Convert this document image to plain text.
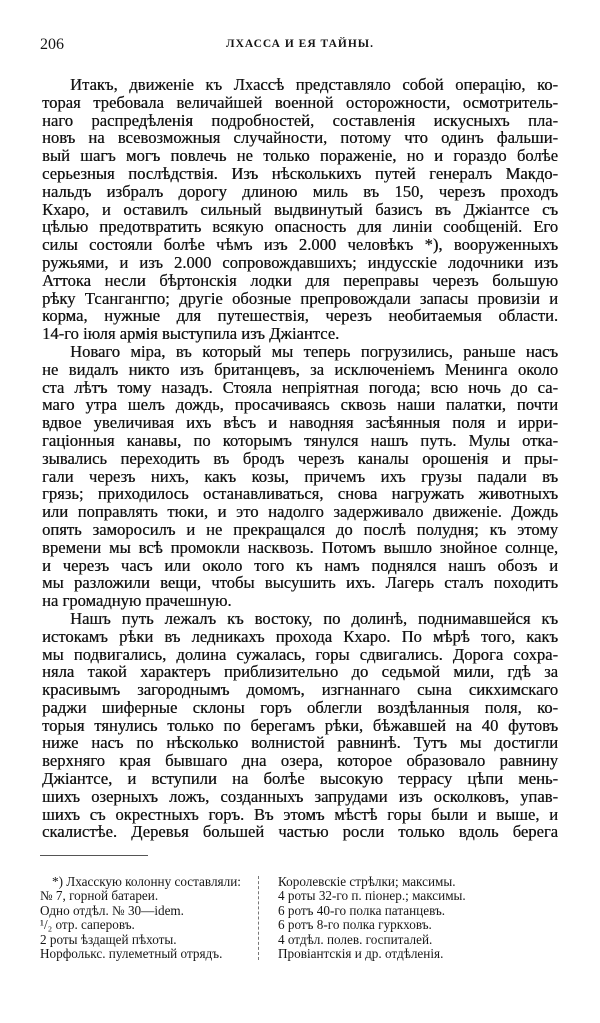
206	ЛХАССА И ЕЯ ТАЙНЫ.
Итакъ, движеніе къ Лхассѣ представляло собой операцію, ко-
торая требовала величайшей военной осторожности, осмотритель-
наго распредѣленія подробностей, составленія искусныхъ пла-
новъ на всевозможныя случайности, потому что одинъ фальши-
вый шагъ могъ повлечь не только пораженіе, но и гораздо болѣе
серьезныя послѣдствія. Изъ нѣсколькихъ путей генералъ Макдо-
нальдъ избралъ дорогу длиною миль въ 150, черезъ проходъ
Кхаро, и оставилъ сильный выдвинутый базисъ въ Джіантсе съ
цѣлью предотвратить всякую опасность для линіи сообщеній. Его
силы состояли болѣе чѣмъ изъ 2.000 человѣкъ *), вооруженныхъ
ружьями, и изъ 2.000 сопровождавшихъ; индусскіе лодочники изъ
Аттока несли бѣртонскія лодки для переправы черезъ большую
рѣку Тсангангпо; другіе обозные препровождали запасы провизіи и
корма, нужные для путешествія, черезъ необитаемыя области.
14-го іюля армія выступила изъ Джіантсе.
Новаго міра, въ который мы теперь погрузились, раньше насъ
не видалъ никто изъ британцевъ, за исключеніемъ Менинга около
ста лѣтъ тому назадъ. Стояла непріятная погода; всю ночь до са-
маго утра шелъ дождь, просачиваясь сквозь наши палатки, почти
вдвое увеличивая ихъ вѣсъ и наводняя засѣянныя поля и ирри-
гаціонныя канавы, по которымъ тянулся нашъ путь. Мулы отка-
зывались переходить въ бродъ черезъ каналы орошенія и пры-
гали черезъ нихъ, какъ козы, причемъ ихъ грузы падали въ
грязь; приходилось останавливаться, снова нагружать животныхъ
или поправлять тюки, и это надолго задерживало движеніе. Дождь
опять заморосилъ и не прекращался до послѣ полудня; къ этому
времени мы всѣ промокли насквозь. Потомъ вышло знойное солнце,
и черезъ часъ или около того къ намъ поднялся нашъ обозъ и
мы разложили вещи, чтобы высушить ихъ. Лагерь сталъ походить
на громадную прачешную.
Нашъ путь лежалъ къ востоку, по долинѣ, поднимавшейся къ
истокамъ рѣки въ ледникахъ прохода Кхаро. По мѣрѣ того, какъ
мы подвигались, долина сужалась, горы сдвигались. Дорога сохра-
няла такой характеръ приблизительно до седьмой мили, гдѣ за
красивымъ загороднымъ домомъ, изгнаннаго сына сикхимскаго
раджи шиферные склоны горъ облегли воздѣланныя поля, ко-
торыя тянулись только по берегамъ рѣки, бѣжавшей на 40 футовъ
ниже насъ по нѣсколько волнистой равнинѣ. Тутъ мы достигли
верхняго края бывшаго дна озера, которое образовало равнину
Джіантсе, и вступили на болѣе высокую террасу цѣпи мень-
шихъ озерныхъ ложъ, созданныхъ запрудами изъ осколковъ, упав-
шихъ съ окрестныхъ горъ. Въ этомъ мѣстѣ горы были и выше, и
скалистѣе. Деревья большей частью росли только вдоль берега
*) Лхасскую колонну составляли:
№ 7, горной батареи.
Одно отдѣл. № 30—idem.
¹/₂ отр. саперовъ.
2 роты ѣздащей пѣхоты.
Норфолькс. пулеметный отрядъ.
Королевскіе стрѣлки; максимы.
4 роты 32-го п. піонер.; максимы.
6 ротъ 40-го полка патанцевъ.
6 ротъ 8-го полка гуркховъ.
4 отдѣл. полев. госпиталей.
Провіантскія и др. отдѣленія.
